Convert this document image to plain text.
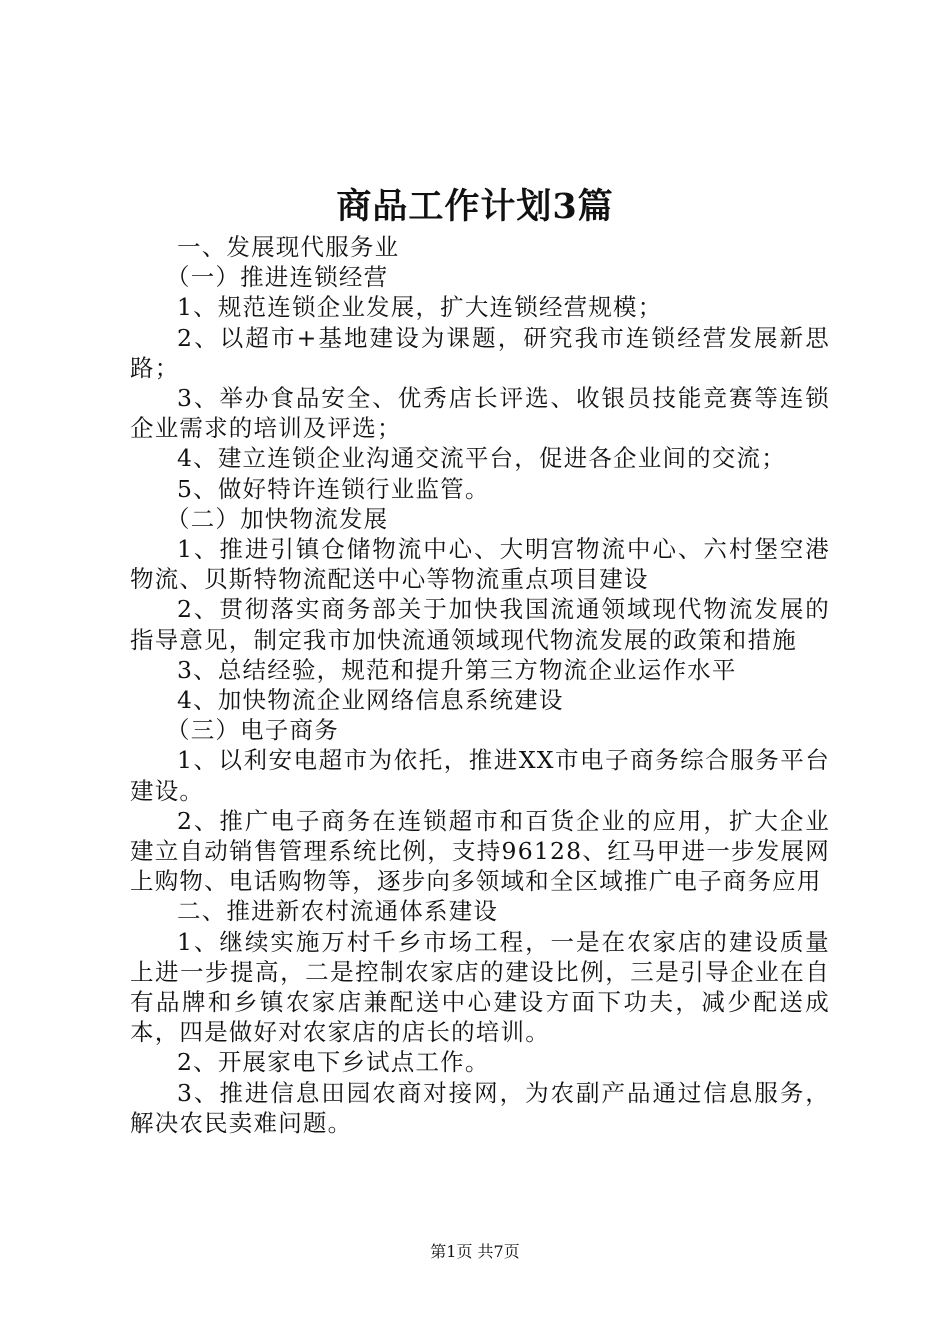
商品工作计划3篇

一、发展现代服务业

（一）推进连锁经营

1、规范连锁企业发展，扩大连锁经营规模；

2、以超市+基地建设为课题，研究我市连锁经营发展新思路；

3、举办食品安全、优秀店长评选、收银员技能竞赛等连锁企业需求的培训及评选；

4、建立连锁企业沟通交流平台，促进各企业间的交流；

5、做好特许连锁行业监管。

（二）加快物流发展

1、推进引镇仓储物流中心、大明宫物流中心、六村堡空港物流、贝斯特物流配送中心等物流重点项目建设

2、贯彻落实商务部关于加快我国流通领域现代物流发展的指导意见，制定我市加快流通领域现代物流发展的政策和措施

3、总结经验，规范和提升第三方物流企业运作水平

4、加快物流企业网络信息系统建设

（三）电子商务

1、以利安电超市为依托，推进XX市电子商务综合服务平台建设。

2、推广电子商务在连锁超市和百货企业的应用，扩大企业建立自动销售管理系统比例，支持96128、红马甲进一步发展网上购物、电话购物等，逐步向多领域和全区域推广电子商务应用

二、推进新农村流通体系建设

1、继续实施万村千乡市场工程，一是在农家店的建设质量上进一步提高，二是控制农家店的建设比例，三是引导企业在自有品牌和乡镇农家店兼配送中心建设方面下功夫，减少配送成本，四是做好对农家店的店长的培训。

2、开展家电下乡试点工作。

3、推进信息田园农商对接网，为农副产品通过信息服务，解决农民卖难问题。

第1页 共7页
